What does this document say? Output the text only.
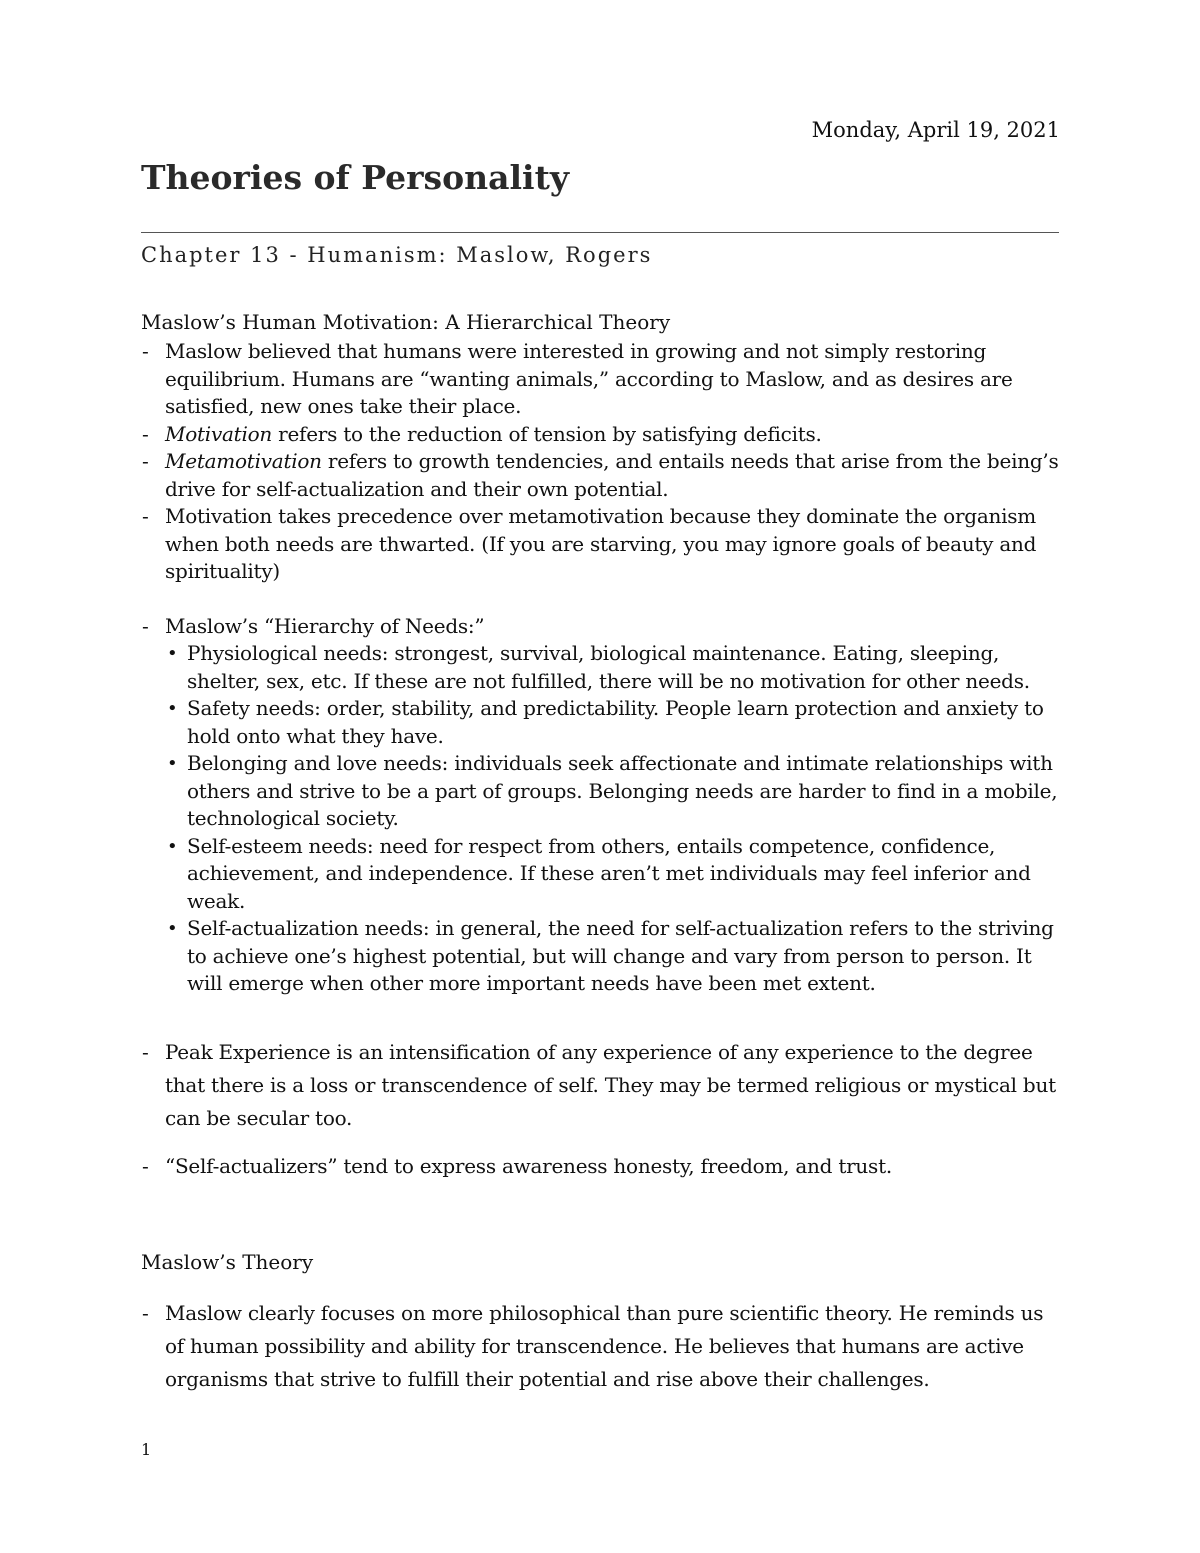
Monday, April 19, 2021
Theories of Personality
Chapter 13 - Humanism: Maslow, Rogers
Maslow’s Human Motivation: A Hierarchical Theory
- Maslow believed that humans were interested in growing and not simply restoring equilibrium. Humans are “wanting animals,” according to Maslow, and as desires are satisfied, new ones take their place.
- Motivation refers to the reduction of tension by satisfying deficits.
- Metamotivation refers to growth tendencies, and entails needs that arise from the being’s drive for self-actualization and their own potential.
- Motivation takes precedence over metamotivation because they dominate the organism when both needs are thwarted. (If you are starving, you may ignore goals of beauty and spirituality)
- Maslow’s “Hierarchy of Needs:”
• Physiological needs: strongest, survival, biological maintenance. Eating, sleeping, shelter, sex, etc. If these are not fulfilled, there will be no motivation for other needs.
• Safety needs: order, stability, and predictability. People learn protection and anxiety to hold onto what they have.
• Belonging and love needs: individuals seek affectionate and intimate relationships with others and strive to be a part of groups. Belonging needs are harder to find in a mobile, technological society.
• Self-esteem needs: need for respect from others, entails competence, confidence, achievement, and independence. If these aren’t met individuals may feel inferior and weak.
• Self-actualization needs: in general, the need for self-actualization refers to the striving to achieve one’s highest potential, but will change and vary from person to person. It will emerge when other more important needs have been met extent.
- Peak Experience is an intensification of any experience of any experience to the degree that there is a loss or transcendence of self. They may be termed religious or mystical but can be secular too.
- “Self-actualizers” tend to express awareness honesty, freedom, and trust.
Maslow’s Theory
- Maslow clearly focuses on more philosophical than pure scientific theory. He reminds us of human possibility and ability for transcendence. He believes that humans are active organisms that strive to fulfill their potential and rise above their challenges.
1
